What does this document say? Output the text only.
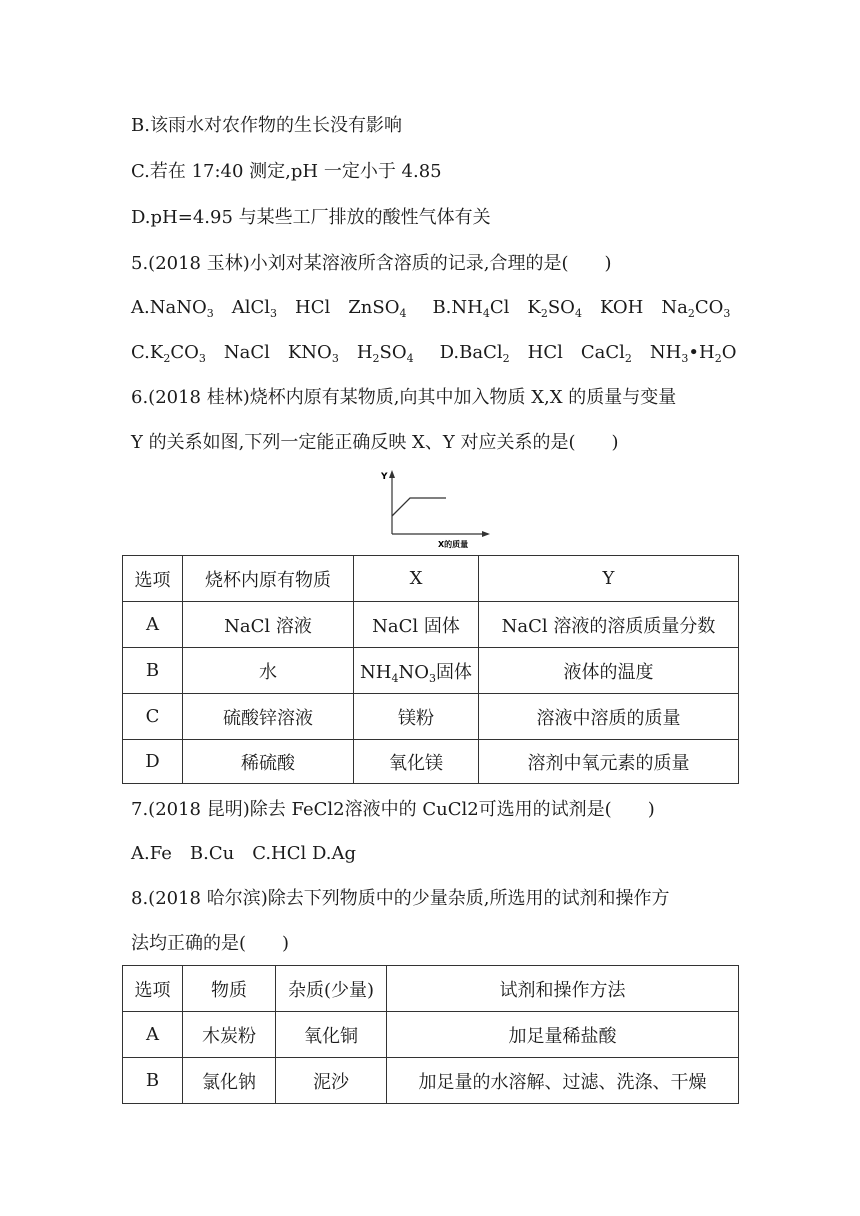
B.该雨水对农作物的生长没有影响
C.若在 17:40 测定,pH 一定小于 4.85
D.pH=4.95 与某些工厂排放的酸性气体有关
5.(2018 玉林)小刘对某溶液所含溶质的记录,合理的是(　　)
A.NaNO$_3$ AlCl$_3$ HCl ZnSO$_4$ $B.NH_4Cl$ $K_2SO_4$ KOH $Na_2CO_3$
$C.K_2CO_3$ NaCl $KNO_3$ $H_2SO_4$ D.BaCl$_2$ HCl CaCl$_2$ $NH_3•H_2O$
6.(2018 桂林)烧杯内原有某物质,向其中加入物质 X,X 的质量与变量
Y 的关系如图,下列一定能正确反映 X、Y 对应关系的是(　　)
Y
X的质量
选项	烧杯内原有物质	X	Y
A	NaCl 溶液	NaCl 固体	NaCl 溶液的溶质质量分数
B	水	$NH_4NO_3$固体	液体的温度
C	硫酸锌溶液	镁粉	溶液中溶质的质量
D	稀硫酸	氧化镁	溶剂中氧元素的质量
7.(2018 昆明)除去 FeCl2溶液中的 CuCl2可选用的试剂是(　　)
A.Fe　B.Cu　C.HCl D.Ag
8.(2018 哈尔滨)除去下列物质中的少量杂质,所选用的试剂和操作方
法均正确的是(　　)
选项	物质	杂质(少量)	试剂和操作方法
A	木炭粉	氧化铜	加足量稀盐酸
B	氯化钠	泥沙	加足量的水溶解、过滤、洗涤、干燥
